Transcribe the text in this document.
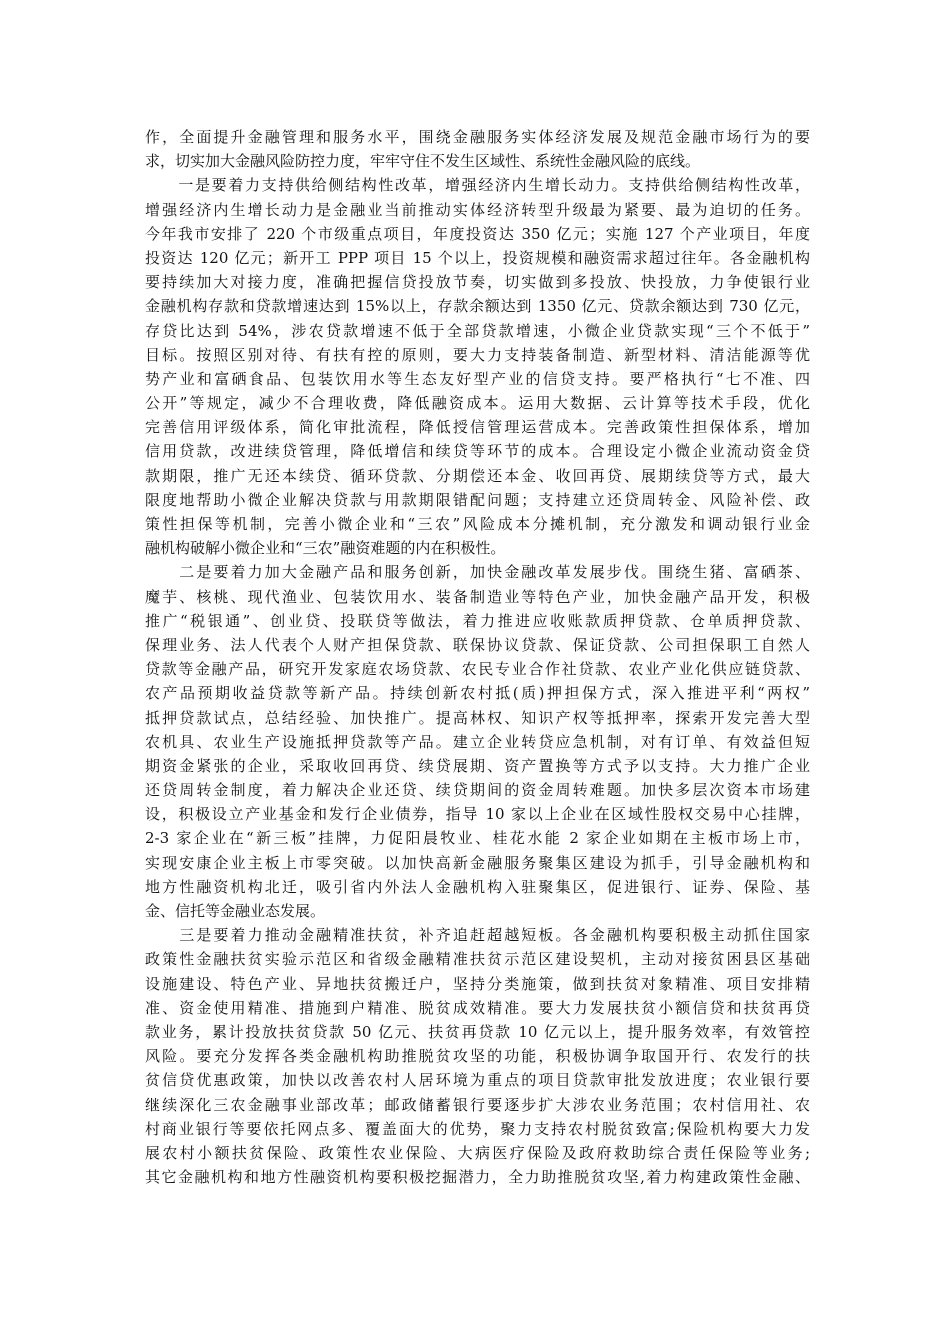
作，全面提升金融管理和服务水平，围绕金融服务实体经济发展及规范金融市场行为的要
求，切实加大金融风险防控力度，牢牢守住不发生区域性、系统性金融风险的底线。
　　一是要着力支持供给侧结构性改革，增强经济内生增长动力。支持供给侧结构性改革，
增强经济内生增长动力是金融业当前推动实体经济转型升级最为紧要、最为迫切的任务。
今年我市安排了 220 个市级重点项目，年度投资达 350 亿元；实施 127 个产业项目，年度
投资达 120 亿元；新开工 PPP 项目 15 个以上，投资规模和融资需求超过往年。各金融机构
要持续加大对接力度，准确把握信贷投放节奏，切实做到多投放、快投放，力争使银行业
金融机构存款和贷款增速达到 15%以上，存款余额达到 1350 亿元、贷款余额达到 730 亿元，
存贷比达到 54%，涉农贷款增速不低于全部贷款增速，小微企业贷款实现“三个不低于”
目标。按照区别对待、有扶有控的原则，要大力支持装备制造、新型材料、清洁能源等优
势产业和富硒食品、包装饮用水等生态友好型产业的信贷支持。要严格执行“七不准、四
公开”等规定，减少不合理收费，降低融资成本。运用大数据、云计算等技术手段，优化
完善信用评级体系，简化审批流程，降低授信管理运营成本。完善政策性担保体系，增加
信用贷款，改进续贷管理，降低增信和续贷等环节的成本。合理设定小微企业流动资金贷
款期限，推广无还本续贷、循环贷款、分期偿还本金、收回再贷、展期续贷等方式，最大
限度地帮助小微企业解决贷款与用款期限错配问题；支持建立还贷周转金、风险补偿、政
策性担保等机制，完善小微企业和“三农”风险成本分摊机制，充分激发和调动银行业金
融机构破解小微企业和“三农”融资难题的内在积极性。
　　二是要着力加大金融产品和服务创新，加快金融改革发展步伐。围绕生猪、富硒茶、
魔芋、核桃、现代渔业、包装饮用水、装备制造业等特色产业，加快金融产品开发，积极
推广“税银通”、创业贷、投联贷等做法，着力推进应收账款质押贷款、仓单质押贷款、
保理业务、法人代表个人财产担保贷款、联保协议贷款、保证贷款、公司担保职工自然人
贷款等金融产品，研究开发家庭农场贷款、农民专业合作社贷款、农业产业化供应链贷款、
农产品预期收益贷款等新产品。持续创新农村抵(质)押担保方式，深入推进平利“两权”
抵押贷款试点，总结经验、加快推广。提高林权、知识产权等抵押率，探索开发完善大型
农机具、农业生产设施抵押贷款等产品。建立企业转贷应急机制，对有订单、有效益但短
期资金紧张的企业，采取收回再贷、续贷展期、资产置换等方式予以支持。大力推广企业
还贷周转金制度，着力解决企业还贷、续贷期间的资金周转难题。加快多层次资本市场建
设，积极设立产业基金和发行企业债券，指导 10 家以上企业在区域性股权交易中心挂牌，
2-3 家企业在“新三板”挂牌，力促阳晨牧业、桂花水能 2 家企业如期在主板市场上市，
实现安康企业主板上市零突破。以加快高新金融服务聚集区建设为抓手，引导金融机构和
地方性融资机构北迁，吸引省内外法人金融机构入驻聚集区，促进银行、证券、保险、基
金、信托等金融业态发展。
　　三是要着力推动金融精准扶贫，补齐追赶超越短板。各金融机构要积极主动抓住国家
政策性金融扶贫实验示范区和省级金融精准扶贫示范区建设契机，主动对接贫困县区基础
设施建设、特色产业、异地扶贫搬迁户，坚持分类施策，做到扶贫对象精准、项目安排精
准、资金使用精准、措施到户精准、脱贫成效精准。要大力发展扶贫小额信贷和扶贫再贷
款业务，累计投放扶贫贷款 50 亿元、扶贫再贷款 10 亿元以上，提升服务效率，有效管控
风险。要充分发挥各类金融机构助推脱贫攻坚的功能，积极协调争取国开行、农发行的扶
贫信贷优惠政策，加快以改善农村人居环境为重点的项目贷款审批发放进度；农业银行要
继续深化三农金融事业部改革；邮政储蓄银行要逐步扩大涉农业务范围；农村信用社、农
村商业银行等要依托网点多、覆盖面大的优势，聚力支持农村脱贫致富;保险机构要大力发
展农村小额扶贫保险、政策性农业保险、大病医疗保险及政府救助综合责任保险等业务;
其它金融机构和地方性融资机构要积极挖掘潜力，全力助推脱贫攻坚,着力构建政策性金融、
